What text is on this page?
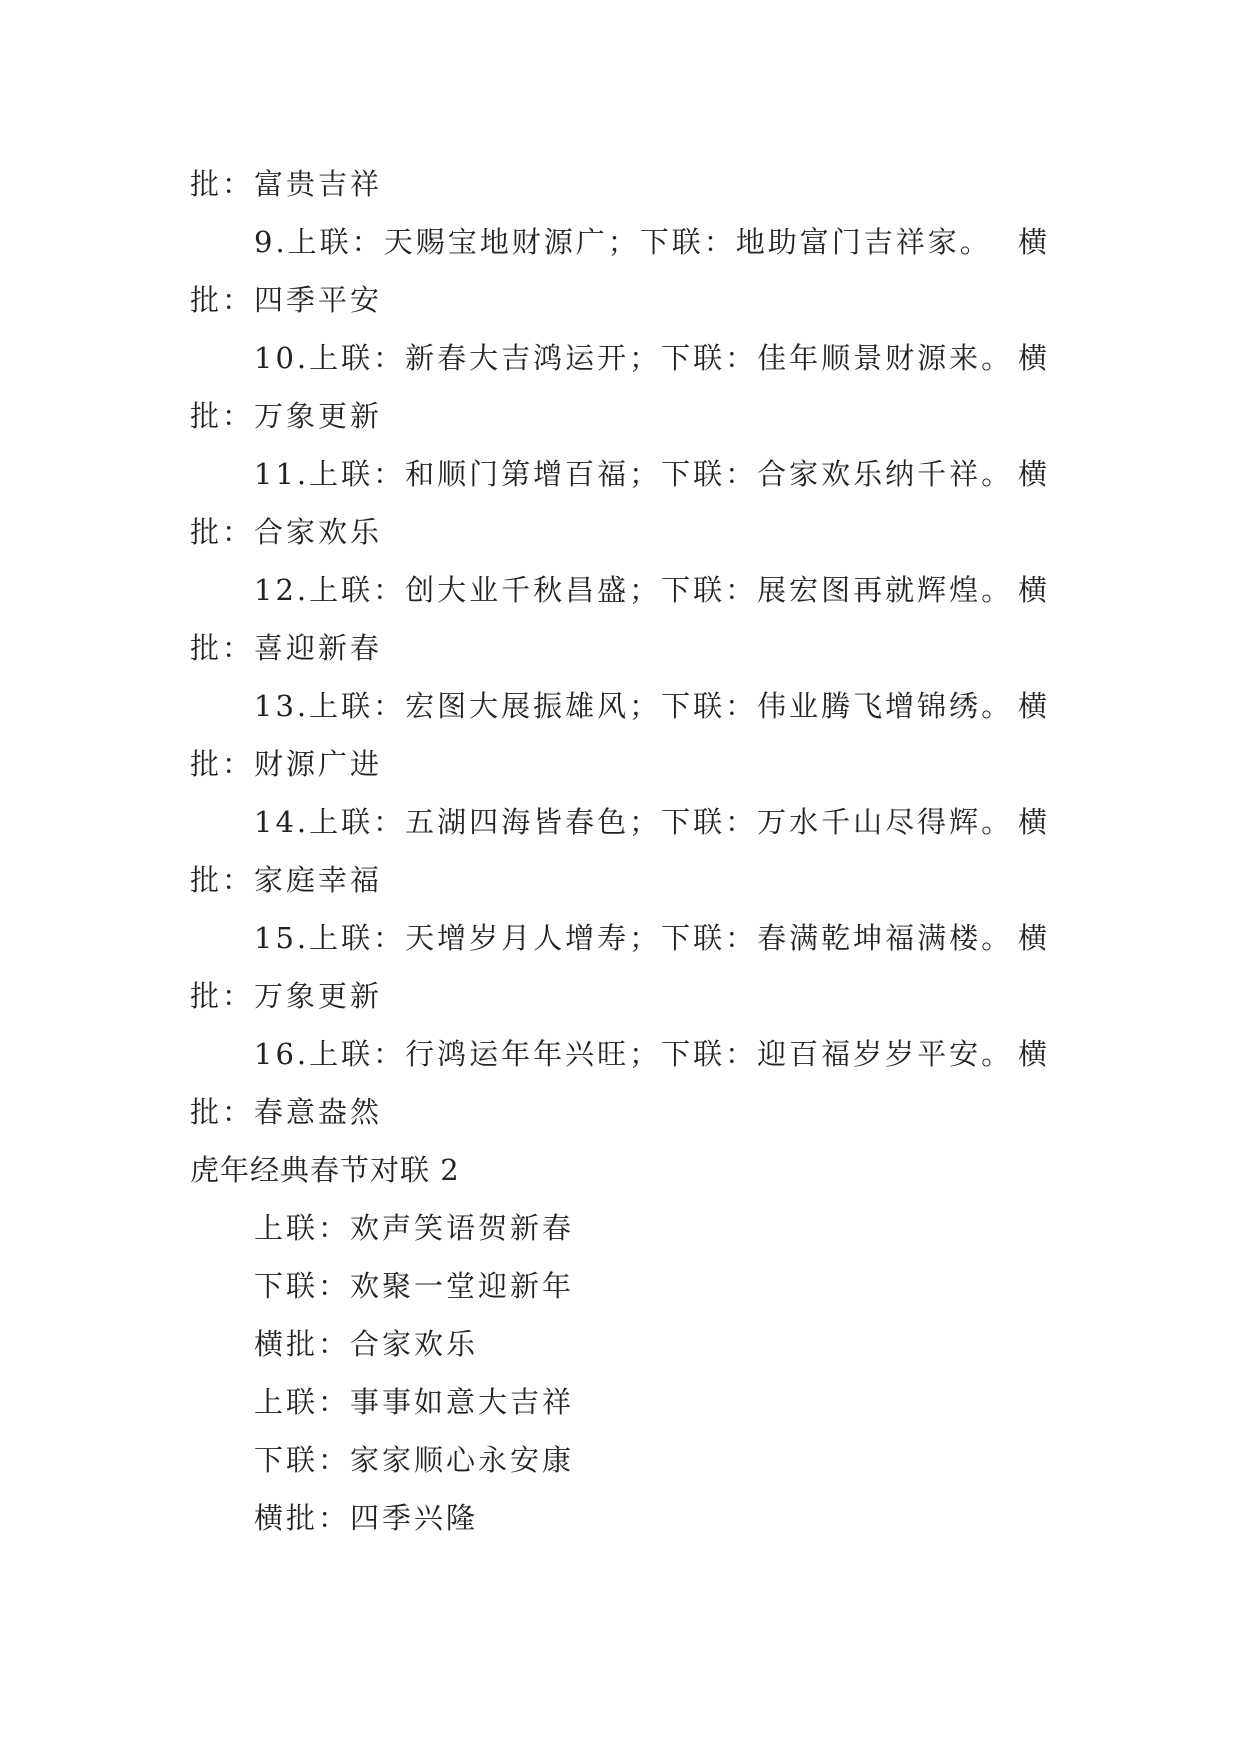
批：富贵吉祥
9.上联：天赐宝地财源广；下联：地助富门吉祥家。 横
批：四季平安
10.上联：新春大吉鸿运开；下联：佳年顺景财源来。 横
批：万象更新
11.上联：和顺门第增百福；下联：合家欢乐纳千祥。 横
批：合家欢乐
12.上联：创大业千秋昌盛；下联：展宏图再就辉煌。 横
批：喜迎新春
13.上联：宏图大展振雄风；下联：伟业腾飞增锦绣。 横
批：财源广进
14.上联：五湖四海皆春色；下联：万水千山尽得辉。 横
批：家庭幸福
15.上联：天增岁月人增寿；下联：春满乾坤福满楼。 横
批：万象更新
16.上联：行鸿运年年兴旺；下联：迎百福岁岁平安。 横
批：春意盎然
虎年经典春节对联 2
上联：欢声笑语贺新春
下联：欢聚一堂迎新年
横批：合家欢乐
上联：事事如意大吉祥
下联：家家顺心永安康
横批：四季兴隆
